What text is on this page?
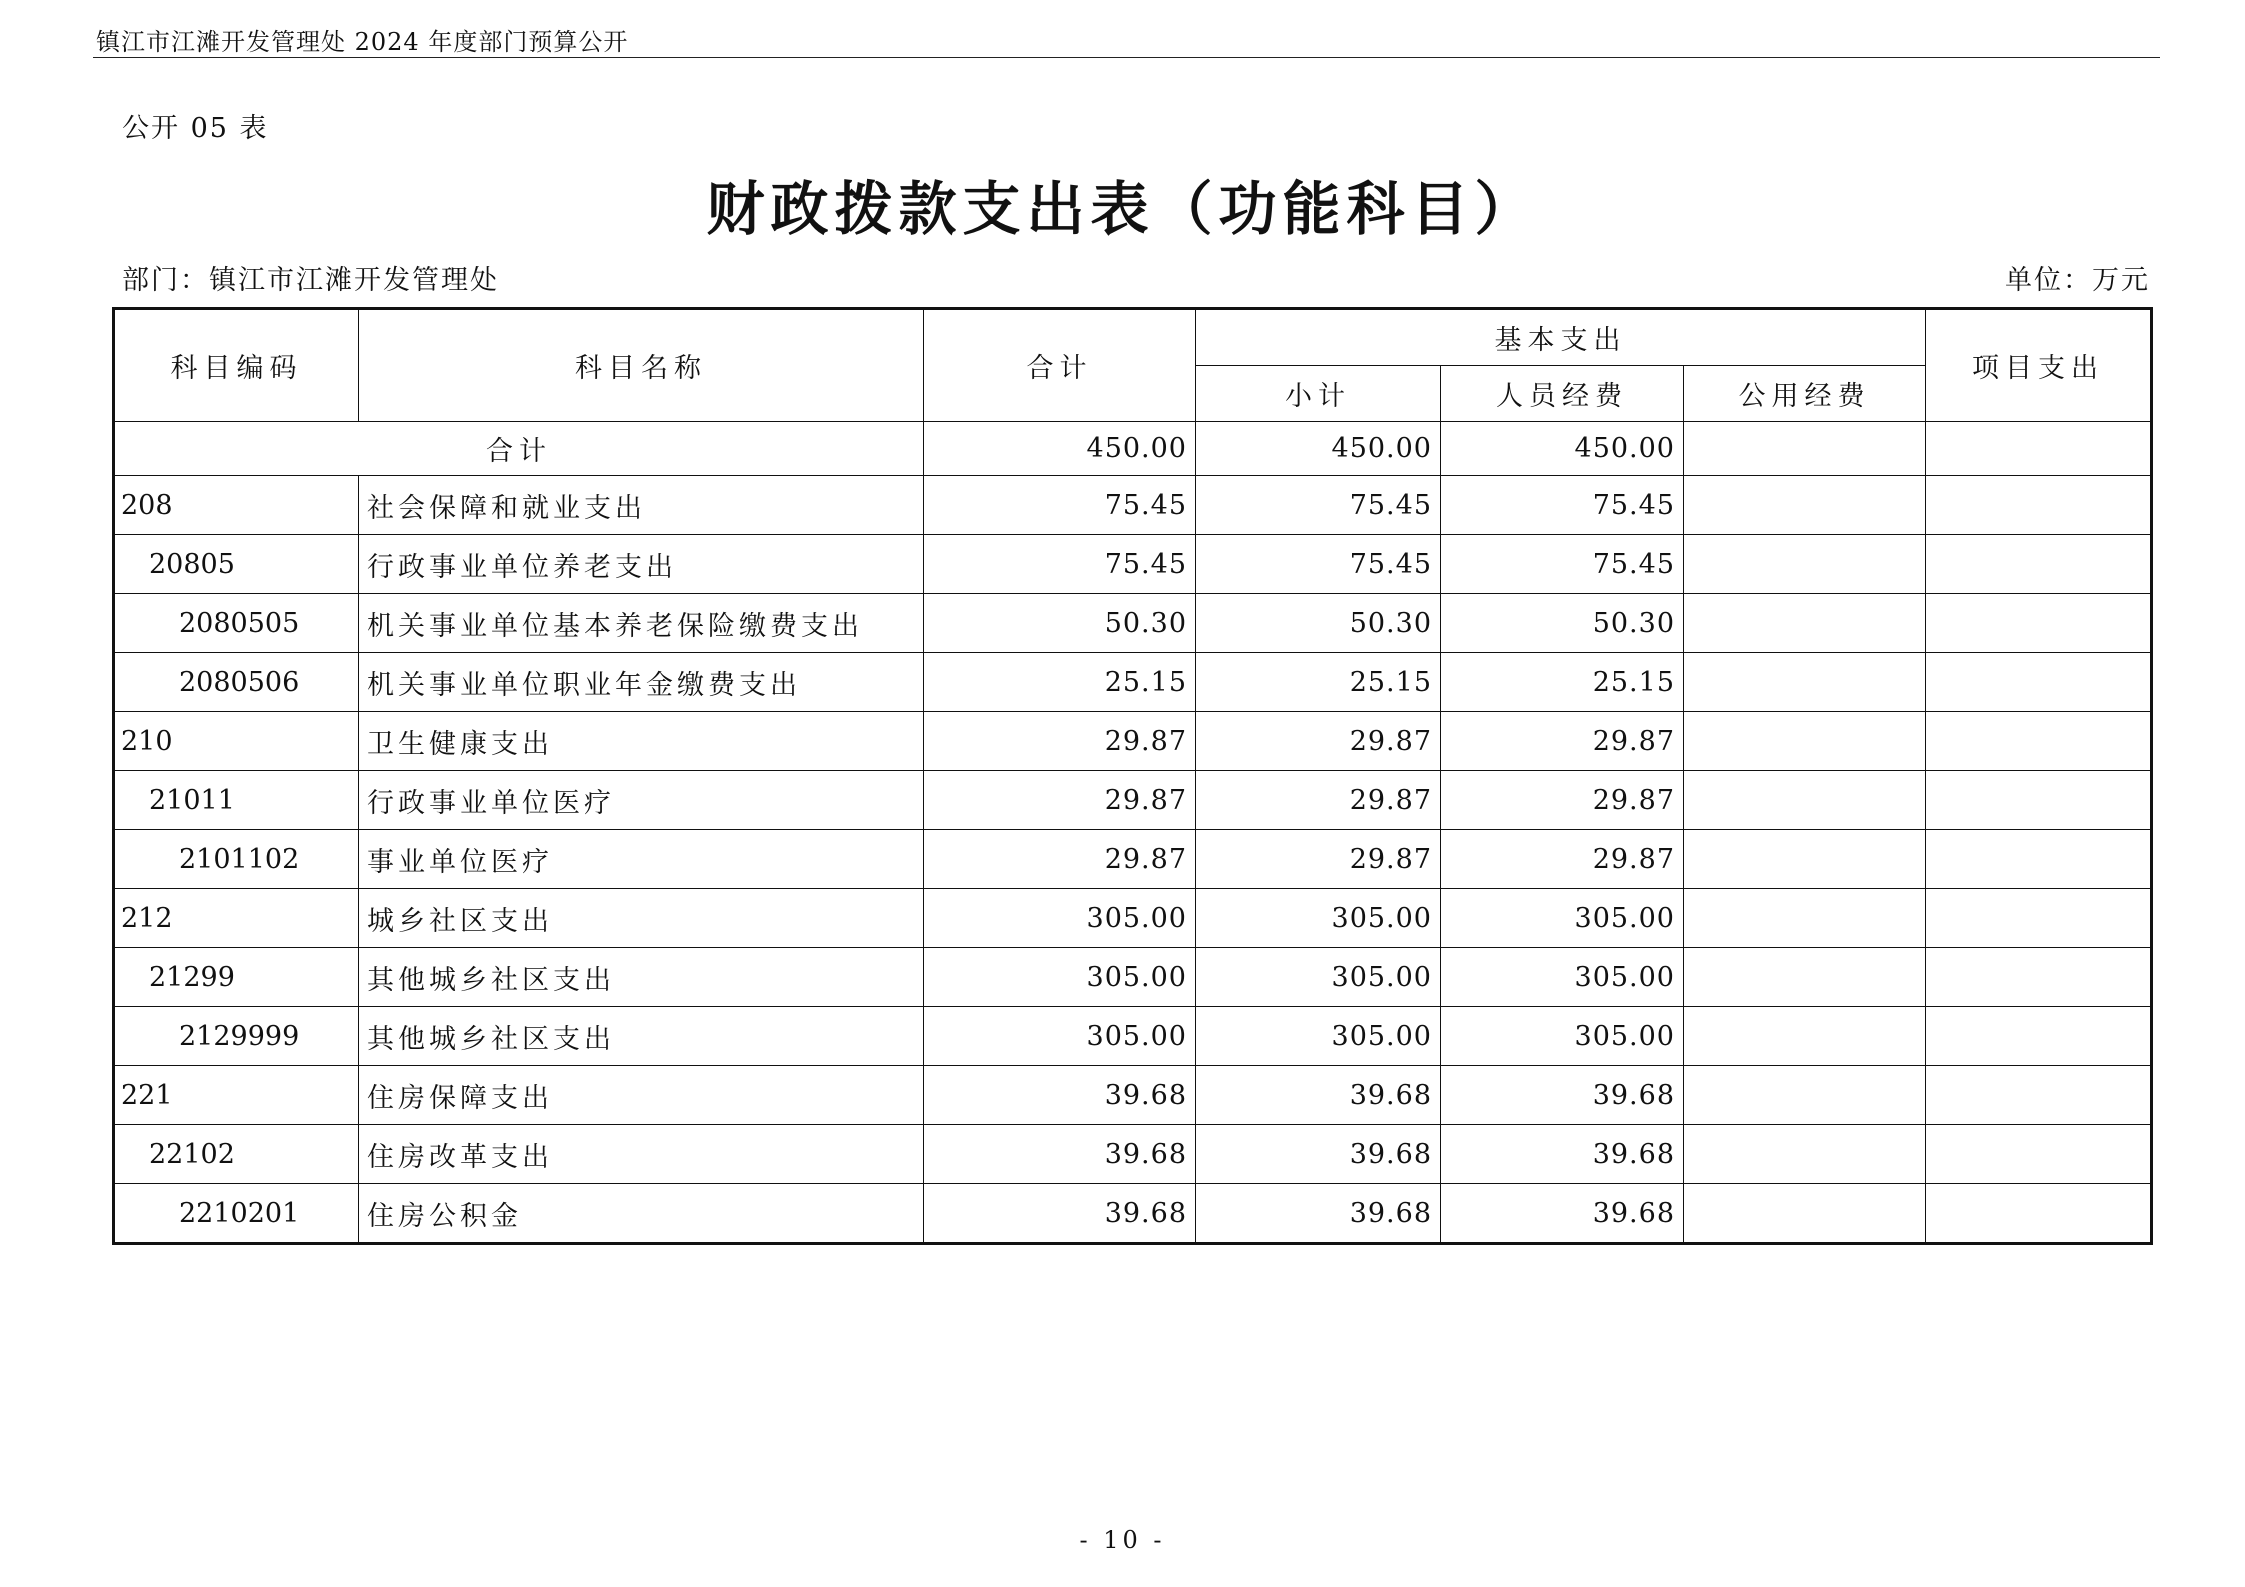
镇江市江滩开发管理处 2024 年度部门预算公开
公开 05 表
财政拨款支出表（功能科目）
部门：镇江市江滩开发管理处	单位：万元
科目编码	科目名称	合计	基本支出			项目支出
			小计	人员经费	公用经费	
合计		450.00	450.00	450.00		
208	社会保障和就业支出	75.45	75.45	75.45		
20805	行政事业单位养老支出	75.45	75.45	75.45		
2080505	机关事业单位基本养老保险缴费支出	50.30	50.30	50.30		
2080506	机关事业单位职业年金缴费支出	25.15	25.15	25.15		
210	卫生健康支出	29.87	29.87	29.87		
21011	行政事业单位医疗	29.87	29.87	29.87		
2101102	事业单位医疗	29.87	29.87	29.87		
212	城乡社区支出	305.00	305.00	305.00		
21299	其他城乡社区支出	305.00	305.00	305.00		
2129999	其他城乡社区支出	305.00	305.00	305.00		
221	住房保障支出	39.68	39.68	39.68		
22102	住房改革支出	39.68	39.68	39.68		
2210201	住房公积金	39.68	39.68	39.68		
- 10 -
